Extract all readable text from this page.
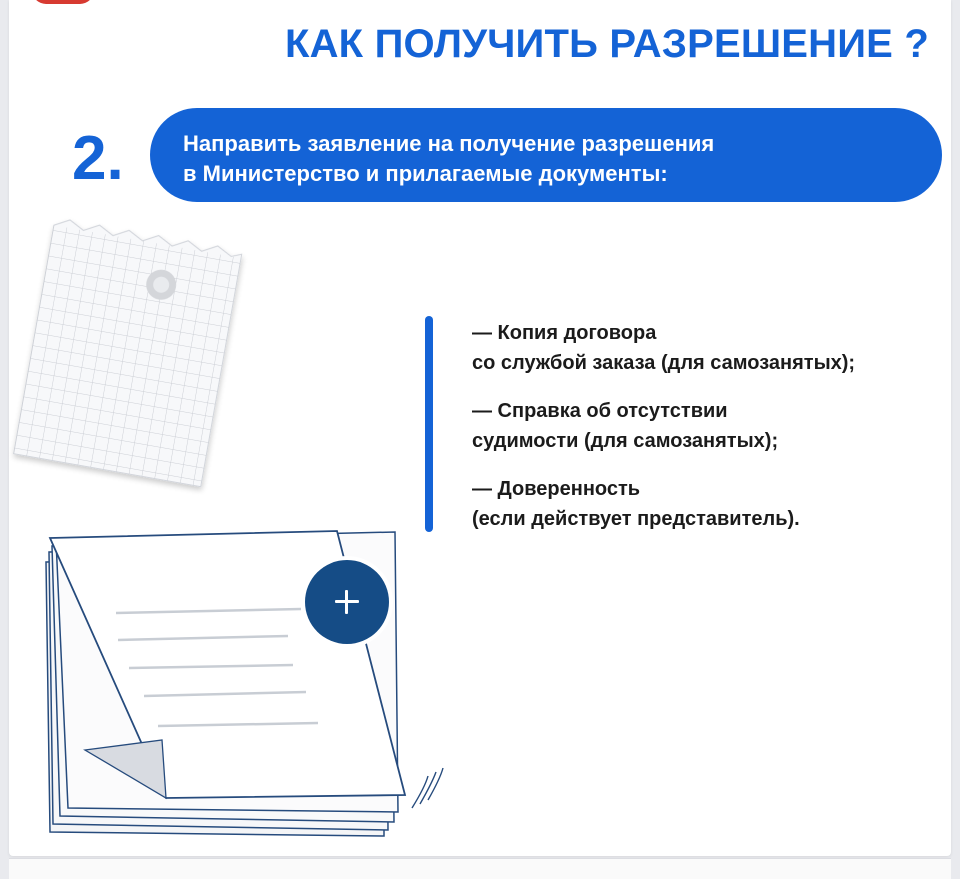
КАК ПОЛУЧИТЬ РАЗРЕШЕНИЕ ?
2.	Направить заявление на получение разрешения
в Министерство и прилагаемые документы:
— Копия договора
со службой заказа (для самозанятых);
— Справка об отсутствии
судимости (для самозанятых);
— Доверенность
(если действует представитель).
